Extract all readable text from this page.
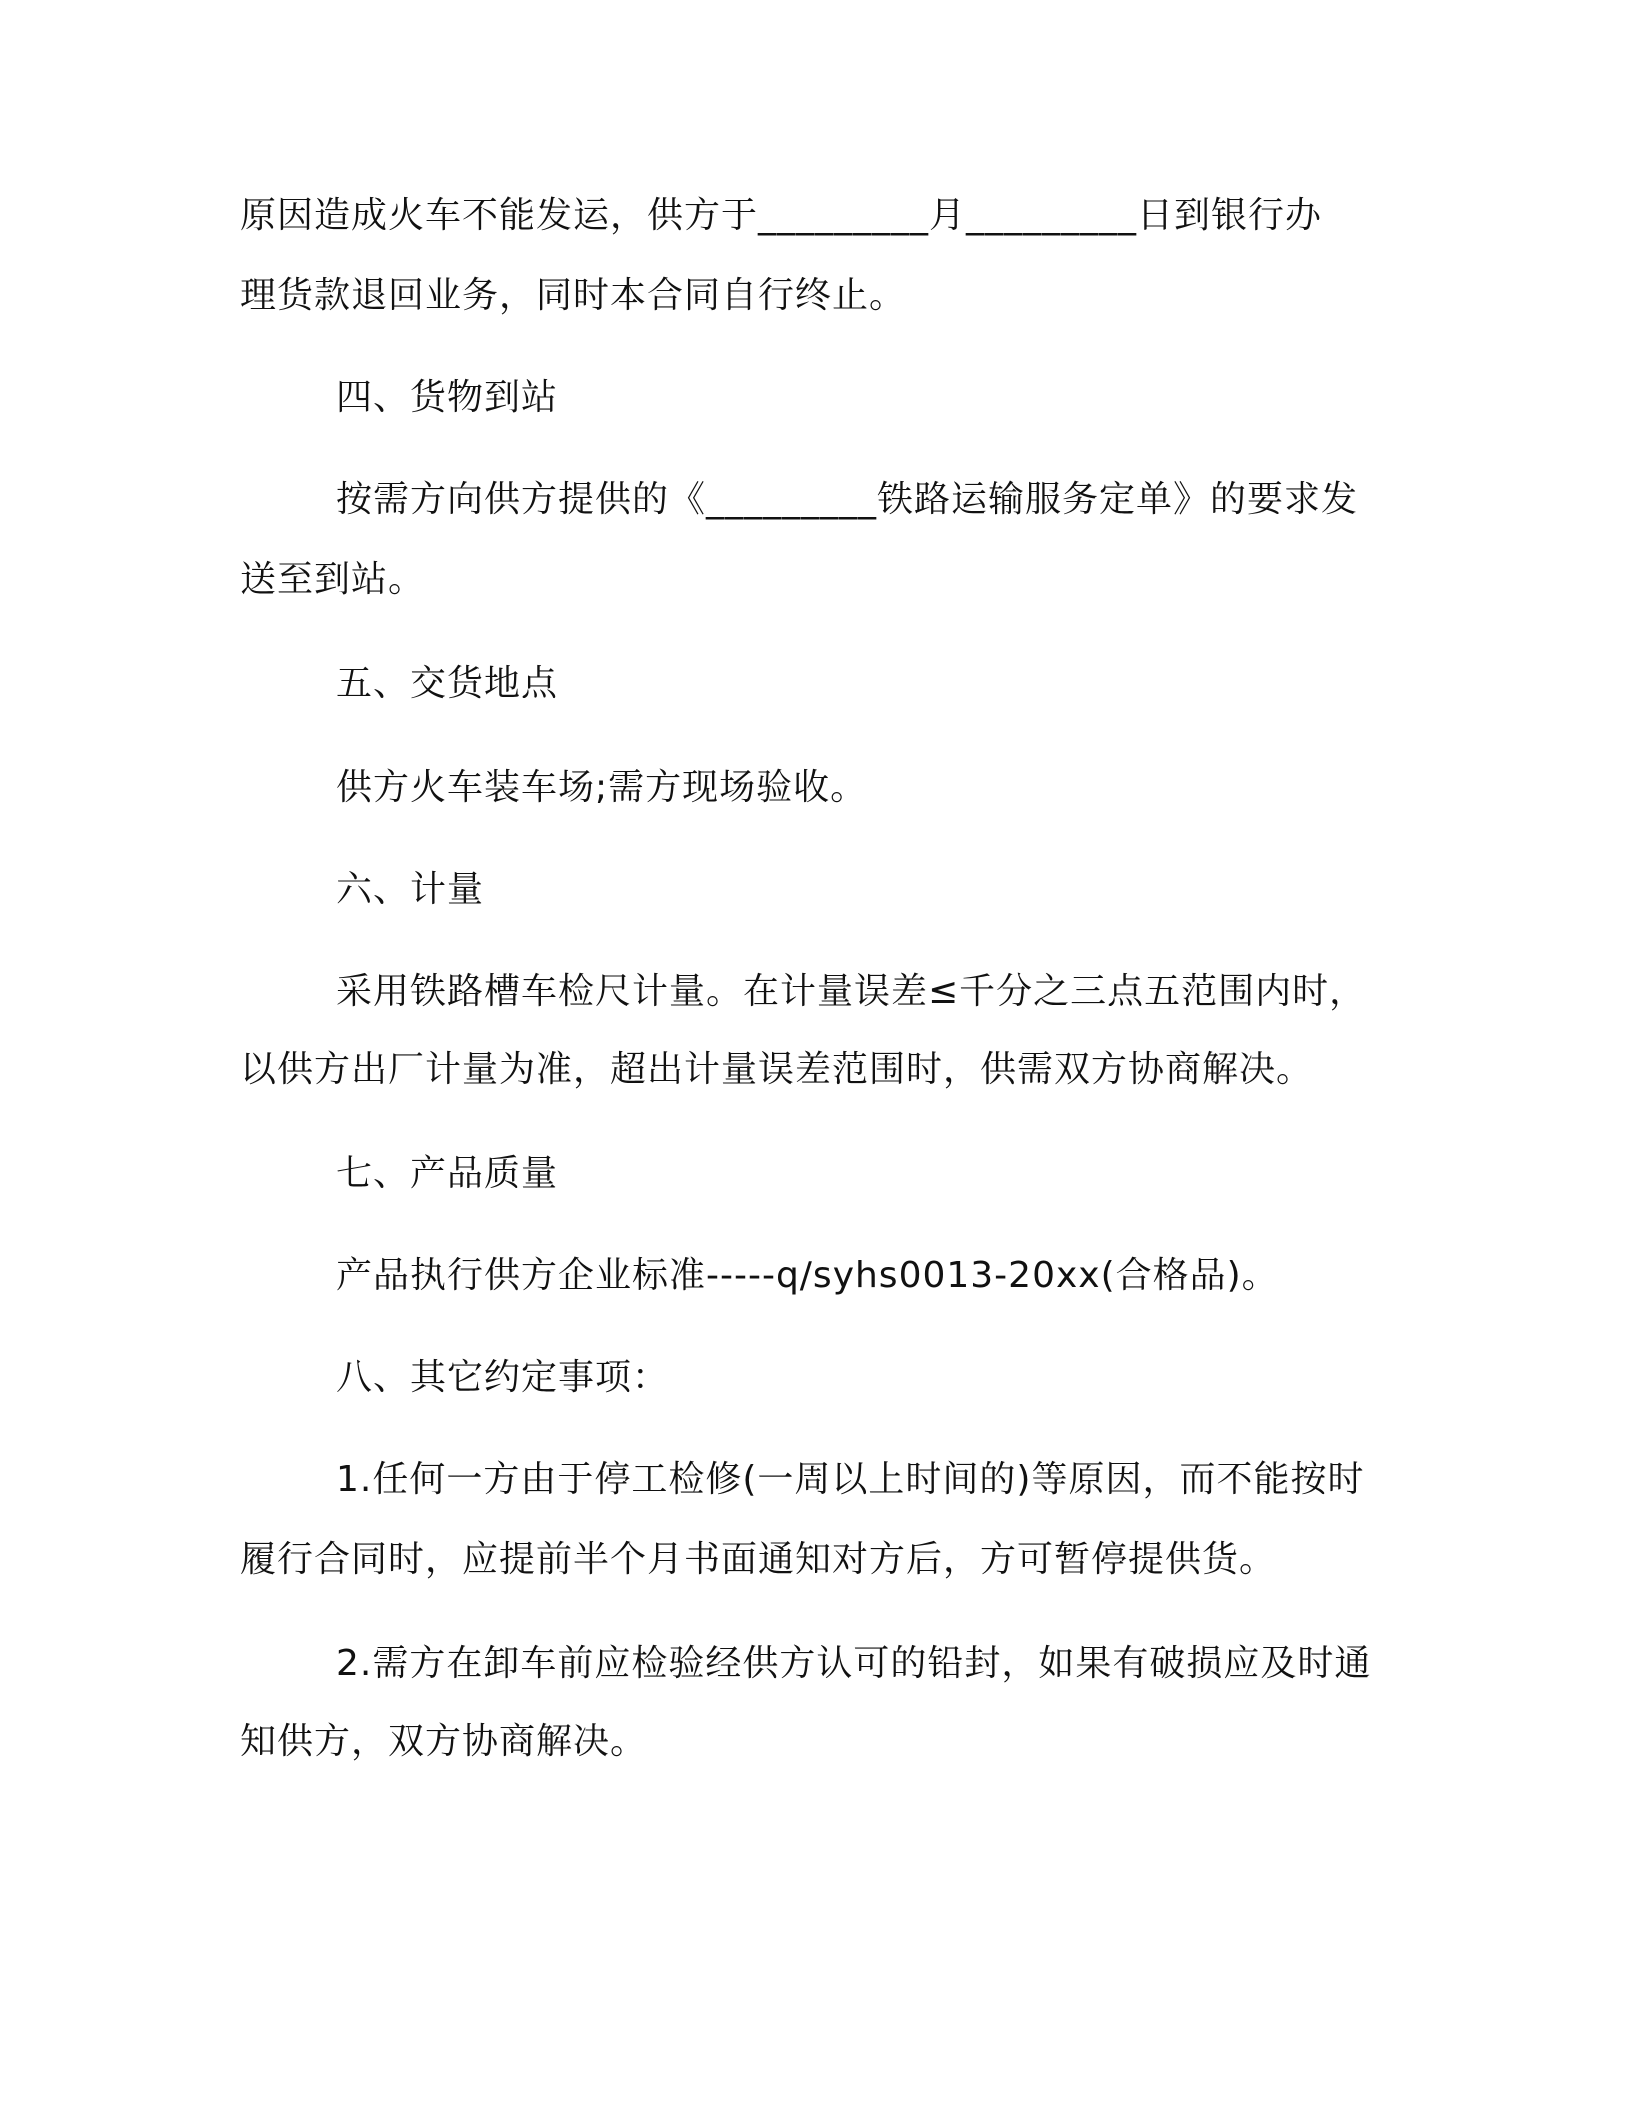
原因造成火车不能发运，供方于_________月_________日到银行办
理货款退回业务，同时本合同自行终止。
四、货物到站
按需方向供方提供的《_________铁路运输服务定单》的要求发
送至到站。
五、交货地点
供方火车装车场;需方现场验收。
六、计量
采用铁路槽车检尺计量。在计量误差≤千分之三点五范围内时，
以供方出厂计量为准，超出计量误差范围时，供需双方协商解决。
七、产品质量
产品执行供方企业标准-----q/syhs0013-20xx(合格品)。
八、其它约定事项：
1.任何一方由于停工检修(一周以上时间的)等原因，而不能按时
履行合同时，应提前半个月书面通知对方后，方可暂停提供货。
2.需方在卸车前应检验经供方认可的铅封，如果有破损应及时通
知供方，双方协商解决。
